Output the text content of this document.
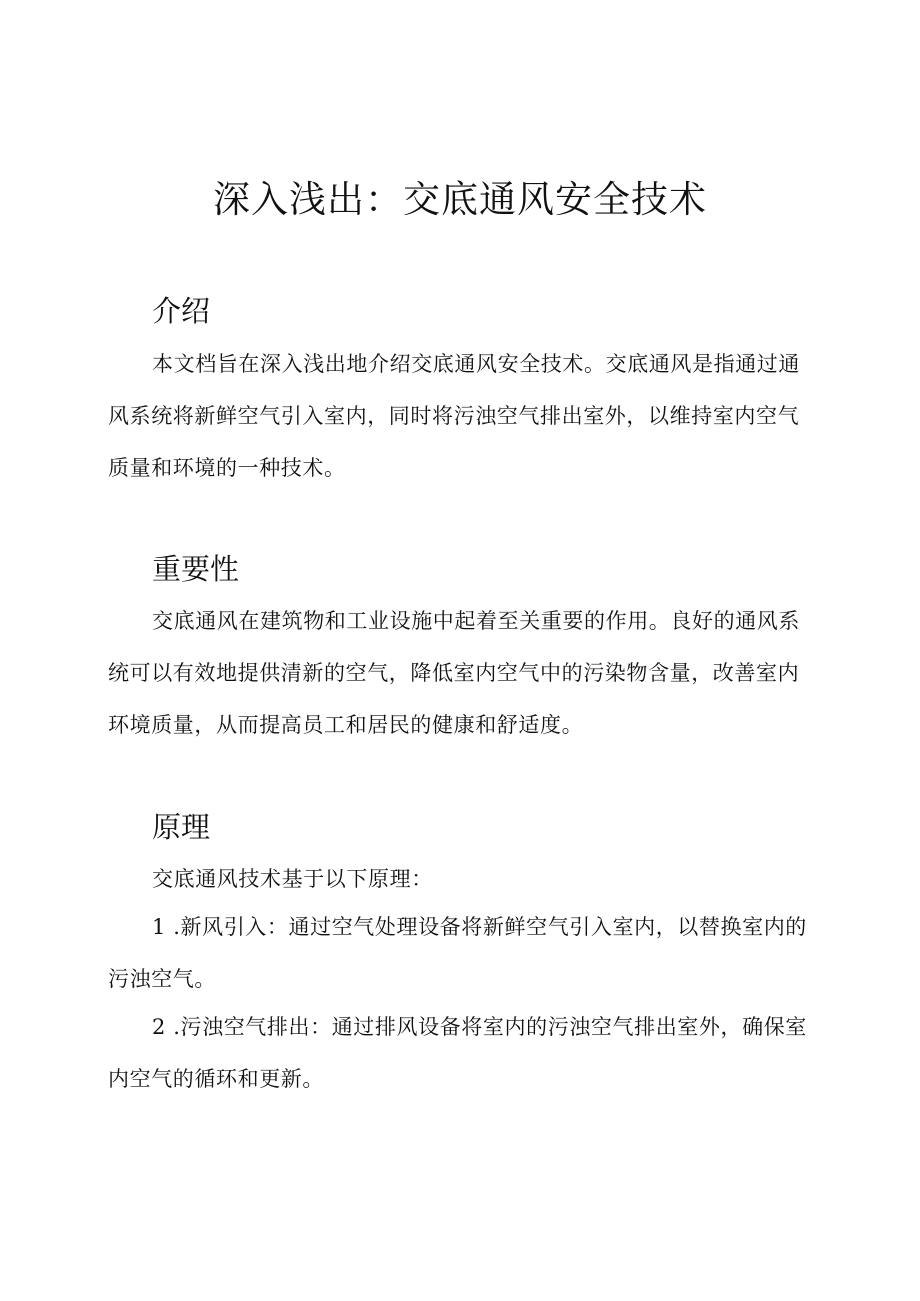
深入浅出：交底通风安全技术
介绍

本文档旨在深入浅出地介绍交底通风安全技术。交底通风是指通过通风系统将新鲜空气引入室内，同时将污浊空气排出室外，以维持室内空气质量和环境的一种技术。

重要性

交底通风在建筑物和工业设施中起着至关重要的作用。良好的通风系统可以有效地提供清新的空气，降低室内空气中的污染物含量，改善室内环境质量，从而提高员工和居民的健康和舒适度。

原理

交底通风技术基于以下原理：

1 .新风引入：通过空气处理设备将新鲜空气引入室内，以替换室内的污浊空气。

2 .污浊空气排出：通过排风设备将室内的污浊空气排出室外，确保室内空气的循环和更新。
